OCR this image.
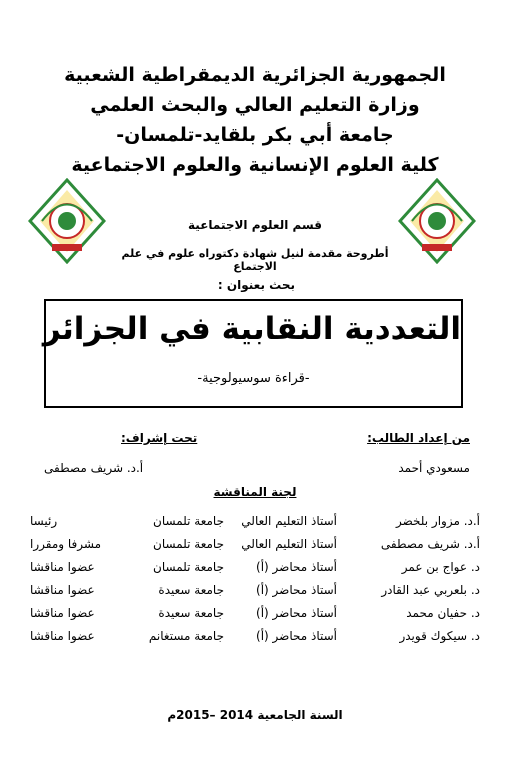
الجمهورية الجزائرية الديمقراطية الشعبية
وزارة التعليم العالي والبحث العلمي
جامعة أبي بكر بلقايد-تلمسان-
كلية العلوم الإنسانية والعلوم الاجتماعية
قسم العلوم الاجتماعية
أطروحة مقدمة لنيل شهادة دكتوراه علوم في علم الاجتماع
بحث بعنوان :
التعددية النقابية في الجزائر
-قراءة سوسيولوجية-
من إعداد الطالب:
تحت إشراف:
مسعودي أحمد
أ.د. شريف مصطفى
لجنة المناقشة
أ.د. مزوار بلخضر
أستاذ التعليم العالي
جامعة تلمسان
رئيسا
أ.د. شريف مصطفى
أستاذ التعليم العالي
جامعة تلمسان
مشرفا ومقررا
د. عواج بن عمر
أستاذ محاضر (أ)
جامعة تلمسان
عضوا مناقشا
د. بلعربي عبد القادر
أستاذ محاضر (أ)
جامعة سعيدة
عضوا مناقشا
د. حفيان محمد
أستاذ محاضر (أ)
جامعة سعيدة
عضوا مناقشا
د. سيكوك قويدر
أستاذ محاضر (أ)
جامعة مستغانم
عضوا مناقشا
السنة الجامعية 2014 –2015م
